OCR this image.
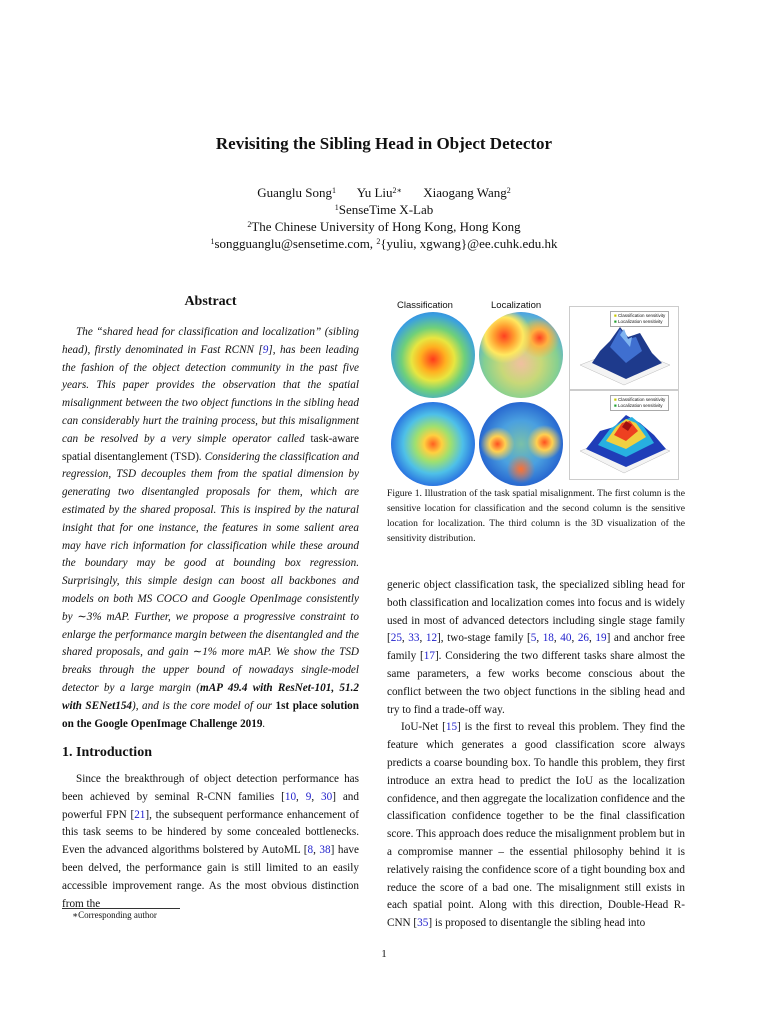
Revisiting the Sibling Head in Object Detector
Guanglu Song$^1$ Yu Liu$^{2∗}$ Xiaogang Wang$^2$
$^1$SenseTime X-Lab
$^2$The Chinese University of Hong Kong, Hong Kong
$^1$songguanglu@sensetime.com, $^2${yuliu, xgwang}@ee.cuhk.edu.hk
Abstract
The “shared head for classification and localization” (sibling head), firstly denominated in Fast RCNN [9], has been leading the fashion of the object detection community in the past five years. This paper provides the observation that the spatial misalignment between the two object functions in the sibling head can considerably hurt the training process, but this misalignment can be resolved by a very simple operator called task-aware spatial disentanglement (TSD). Considering the classification and regression, TSD decouples them from the spatial dimension by generating two disentangled proposals for them, which are estimated by the shared proposal. This is inspired by the natural insight that for one instance, the features in some salient area may have rich information for classification while these around the boundary may be good at bounding box regression. Surprisingly, this simple design can boost all backbones and models on both MS COCO and Google OpenImage consistently by ∼3% mAP. Further, we propose a progressive constraint to enlarge the performance margin between the disentangled and the shared proposals, and gain ∼1% more mAP. We show the TSD breaks through the upper bound of nowadays single-model detector by a large margin (mAP 49.4 with ResNet-101, 51.2 with SENet154), and is the core model of our 1st place solution on the Google OpenImage Challenge 2019.
1. Introduction
Since the breakthrough of object detection performance has been achieved by seminal R-CNN families [10, 9, 30] and powerful FPN [21], the subsequent performance enhancement of this task seems to be hindered by some concealed bottlenecks. Even the advanced algorithms bolstered by AutoML [8, 38] have been delved, the performance gain is still limited to an easily accessible improvement range. As the most obvious distinction from the
∗Corresponding author
Classification	Localization
■ Classification sensitivity
■ Localization sensitivity
■ Classification sensitivity
■ Localization sensitivity
Figure 1. Illustration of the task spatial misalignment. The first column is the sensitive location for classification and the second column is the sensitive location for localization. The third column is the 3D visualization of the sensitivity distribution.

generic object classification task, the specialized sibling head for both classification and localization comes into focus and is widely used in most of advanced detectors including single stage family [25, 33, 12], two-stage family [5, 18, 40, 26, 19] and anchor free family [17]. Considering the two different tasks share almost the same parameters, a few works become conscious about the conflict between the two object functions in the sibling head and try to find a trade-off way.

IoU-Net [15] is the first to reveal this problem. They find the feature which generates a good classification score always predicts a coarse bounding box. To handle this problem, they first introduce an extra head to predict the IoU as the localization confidence, and then aggregate the localization confidence and the classification confidence together to be the final classification score. This approach does reduce the misalignment problem but in a compromise manner – the essential philosophy behind it is relatively raising the confidence score of a tight bounding box and reduce the score of a bad one. The misalignment still exists in each spatial point. Along with this direction, Double-Head R-CNN [35] is proposed to disentangle the sibling head into

1
